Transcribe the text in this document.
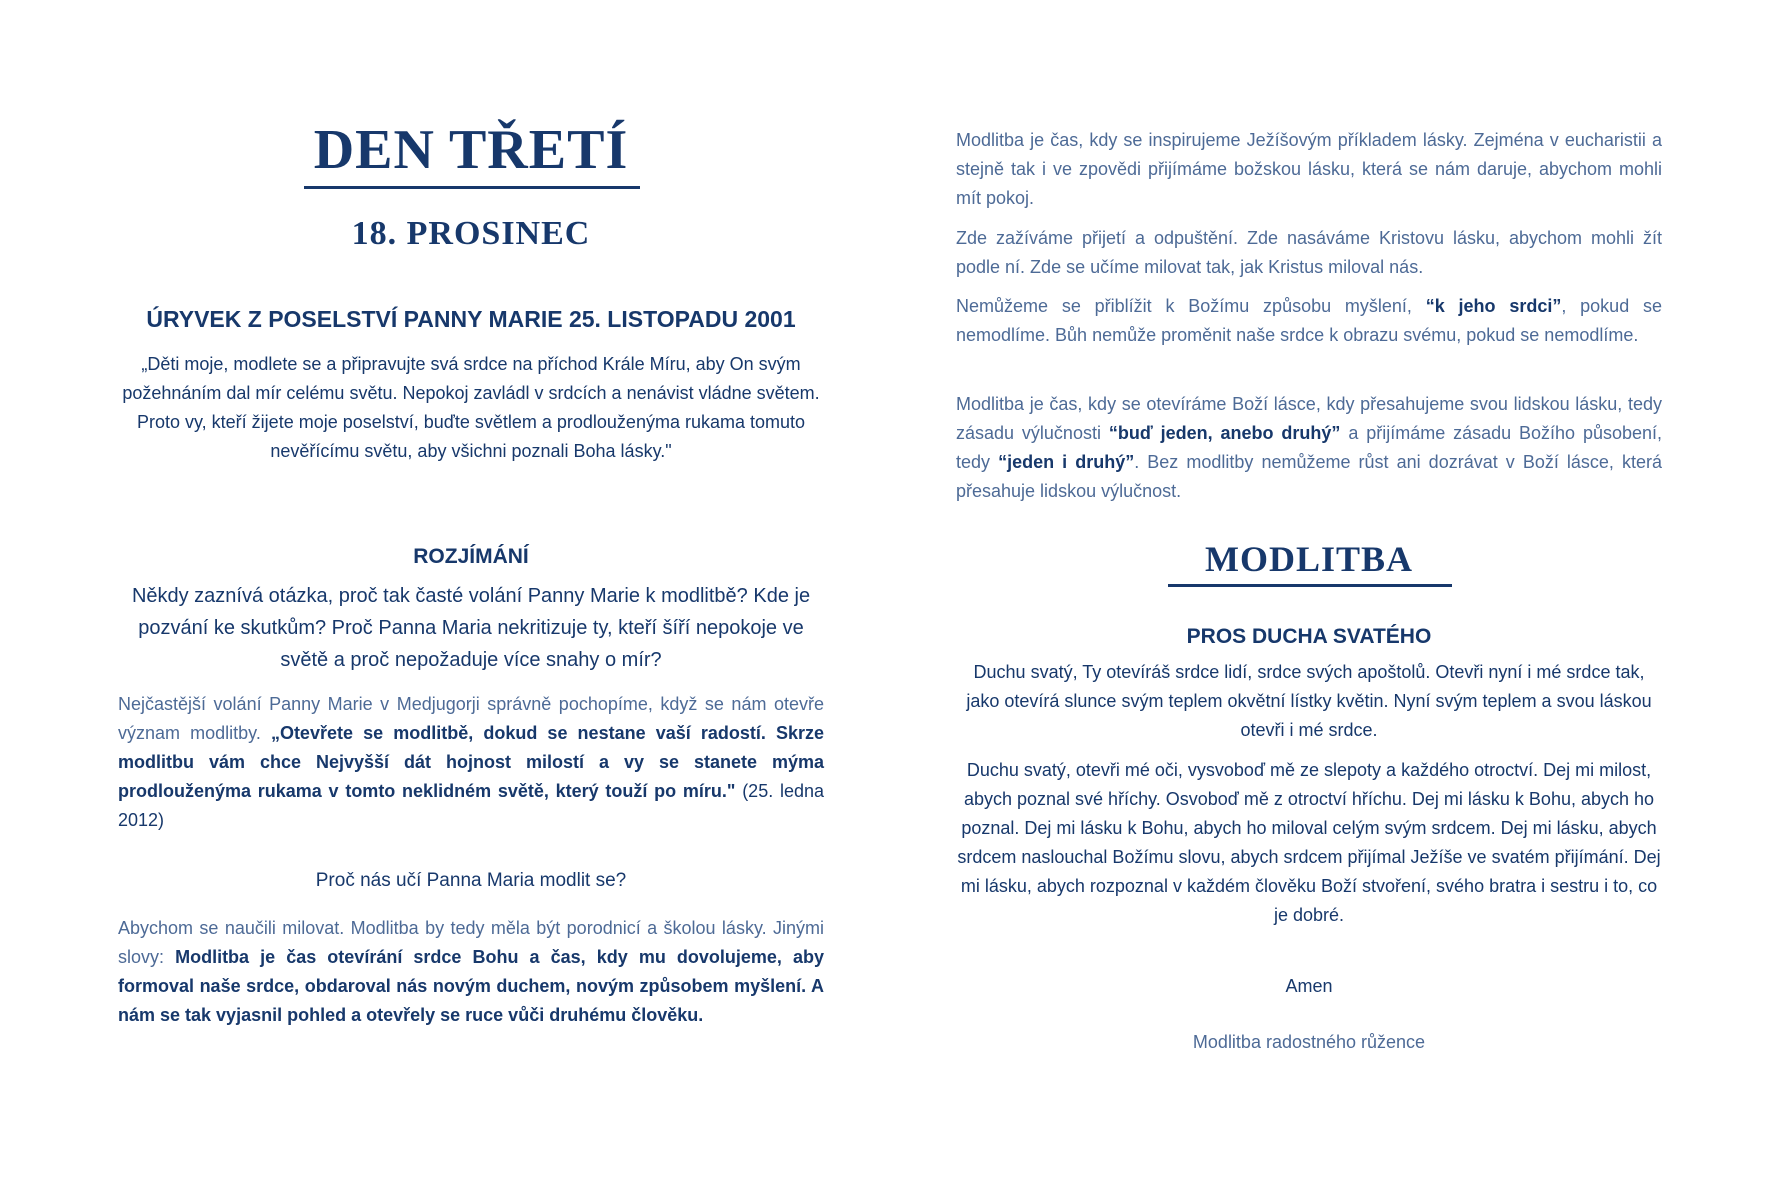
DEN TŘETÍ
18. PROSINEC
ÚRYVEK Z POSELSTVÍ PANNY MARIE 25. LISTOPADU 2001

„Děti moje, modlete se a připravujte svá srdce na příchod Krále Míru, aby On svým požehnáním dal mír celému světu. Nepokoj zavládl v srdcích a nenávist vládne světem. Proto vy, kteří žijete moje poselství, buďte světlem a prodlouženýma rukama tomuto nevěřícímu světu, aby všichni poznali Boha lásky."

ROZJÍMÁNÍ

Někdy zaznívá otázka, proč tak časté volání Panny Marie k modlitbě? Kde je pozvání ke skutkům? Proč Panna Maria nekritizuje ty, kteří šíří nepokoje ve světě a proč nepožaduje více snahy o mír?

Nejčastější volání Panny Marie v Medjugorji správně pochopíme, když se nám otevře význam modlitby. „Otevřete se modlitbě, dokud se nestane vaší radostí. Skrze modlitbu vám chce Nejvyšší dát hojnost milostí a vy se stanete mýma prodlouženýma rukama v tomto neklidném světě, který touží po míru." (25. ledna 2012)

Proč nás učí Panna Maria modlit se?

Abychom se naučili milovat. Modlitba by tedy měla být porodnicí a školou lásky. Jinými slovy: Modlitba je čas otevírání srdce Bohu a čas, kdy mu dovolujeme, aby formoval naše srdce, obdaroval nás novým duchem, novým způsobem myšlení. A nám se tak vyjasnil pohled a otevřely se ruce vůči druhému člověku.

Modlitba je čas, kdy se inspirujeme Ježíšovým příkladem lásky. Zejména v eucharistii a stejně tak i ve zpovědi přijímáme božskou lásku, která se nám daruje, abychom mohli mít pokoj.

Zde zažíváme přijetí a odpuštění. Zde nasáváme Kristovu lásku, abychom mohli žít podle ní. Zde se učíme milovat tak, jak Kristus miloval nás.

Nemůžeme se přiblížit k Božímu způsobu myšlení, “k jeho srdci”, pokud se nemodlíme. Bůh nemůže proměnit naše srdce k obrazu svému, pokud se nemodlíme.

Modlitba je čas, kdy se otevíráme Boží lásce, kdy přesahujeme svou lidskou lásku, tedy zásadu výlučnosti “buď jeden, anebo druhý” a přijímáme zásadu Božího působení, tedy “jeden i druhý”. Bez modlitby nemůžeme růst ani dozrávat v Boží lásce, která přesahuje lidskou výlučnost.

MODLITBA
PROS DUCHA SVATÉHO

Duchu svatý, Ty otevíráš srdce lidí, srdce svých apoštolů. Otevři nyní i mé srdce tak, jako otevírá slunce svým teplem okvětní lístky květin. Nyní svým teplem a svou láskou otevři i mé srdce.

Duchu svatý, otevři mé oči, vysvoboď mě ze slepoty a každého otroctví. Dej mi milost, abych poznal své hříchy. Osvoboď mě z otroctví hříchu. Dej mi lásku k Bohu, abych ho poznal. Dej mi lásku k Bohu, abych ho miloval celým svým srdcem. Dej mi lásku, abych srdcem naslouchal Božímu slovu, abych srdcem přijímal Ježíše ve svatém přijímání. Dej mi lásku, abych rozpoznal v každém člověku Boží stvoření, svého bratra i sestru i to, co je dobré.

Amen

Modlitba radostného růžence
